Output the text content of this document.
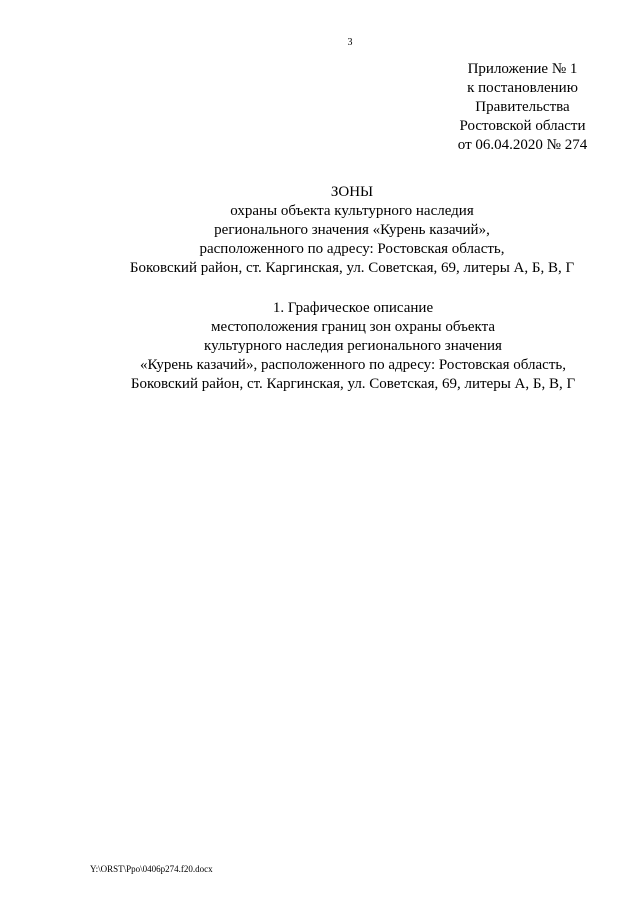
3
Приложение № 1
к постановлению
Правительства
Ростовской области
от 06.04.2020 № 274
ЗОНЫ
охраны объекта культурного наследия
регионального значения «Курень казачий»,
расположенного по адресу: Ростовская область,
Боковский район, ст. Каргинская, ул. Советская, 69, литеры А, Б, В, Г
1. Графическое описание
местоположения границ зон охраны объекта
культурного наследия регионального значения
«Курень казачий», расположенного по адресу: Ростовская область,
Боковский район, ст. Каргинская, ул. Советская, 69, литеры А, Б, В, Г
Y:\ORST\Ppo\0406p274.f20.docx
